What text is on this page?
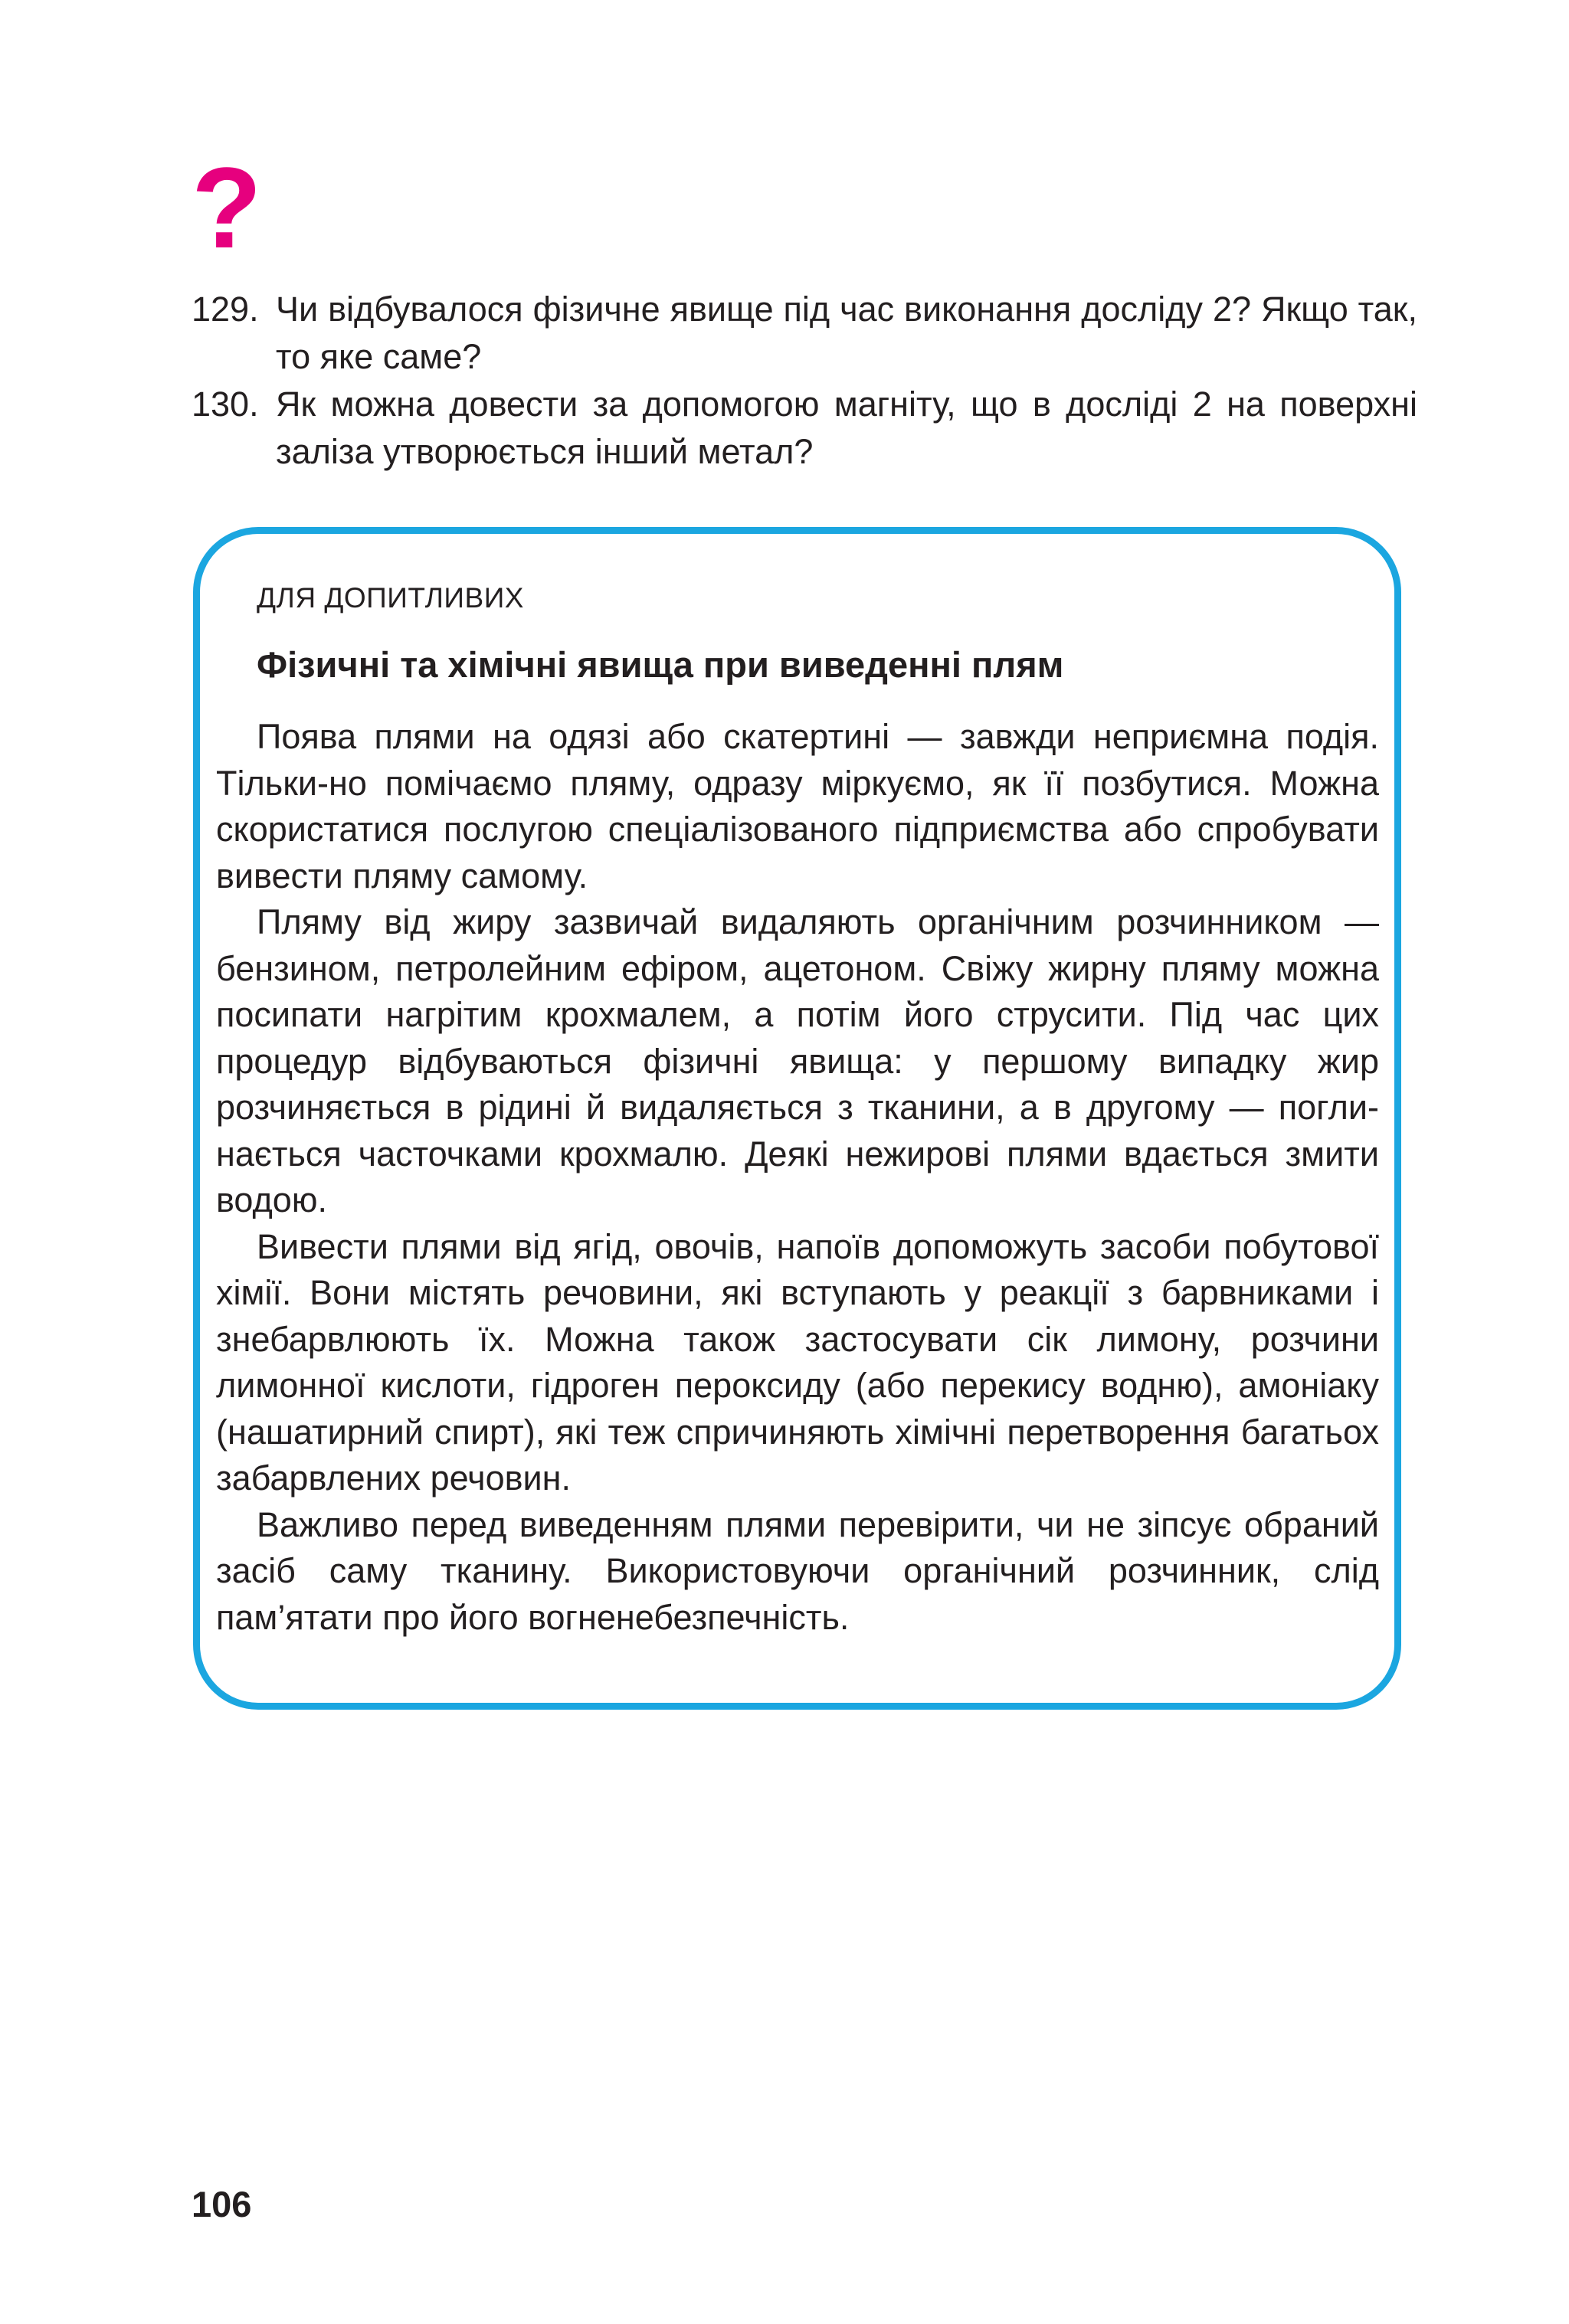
?
129. Чи відбувалося фізичне явище під час виконання досліду 2? Якщо так, то яке саме?
130. Як можна довести за допомогою магніту, що в досліді 2 на поверхні заліза утворюється інший метал?
ДЛЯ ДОПИТЛИВИХ
Фізичні та хімічні явища при виведенні плям

Поява плями на одязі або скатертині — завжди неприємна подія. Тільки-но помічаємо пляму, одразу міркуємо, як її позбутися. Можна скористатися послугою спеціалізованого підприємства або спробувати вивести пляму самому.

Пляму від жиру зазвичай видаляють органічним розчинником — бензином, петролейним ефіром, ацетоном. Свіжу жирну пляму можна посипати нагрітим крохмалем, а потім його струсити. Під час цих процедур відбуваються фізичні явища: у першому випадку жир розчиняється в рідині й видаляється з тканини, а в другому — поглинається часточками крохмалю. Деякі нежирові плями вдається змити водою.

Вивести плями від ягід, овочів, напоїв допоможуть засоби побутової хімії. Вони містять речовини, які вступають у реакції з барвниками і знебарвлюють їх. Можна також застосувати сік лимону, розчини лимонної кислоти, гідроген пероксиду (або перекису водню), амоніаку (нашатирний спирт), які теж спричиняють хімічні перетворення багатьох забарвлених речовин.

Важливо перед виведенням плями перевірити, чи не зіпсує обраний засіб саму тканину. Використовуючи органічний розчинник, слід пам’ятати про його вогненебезпечність.

106
